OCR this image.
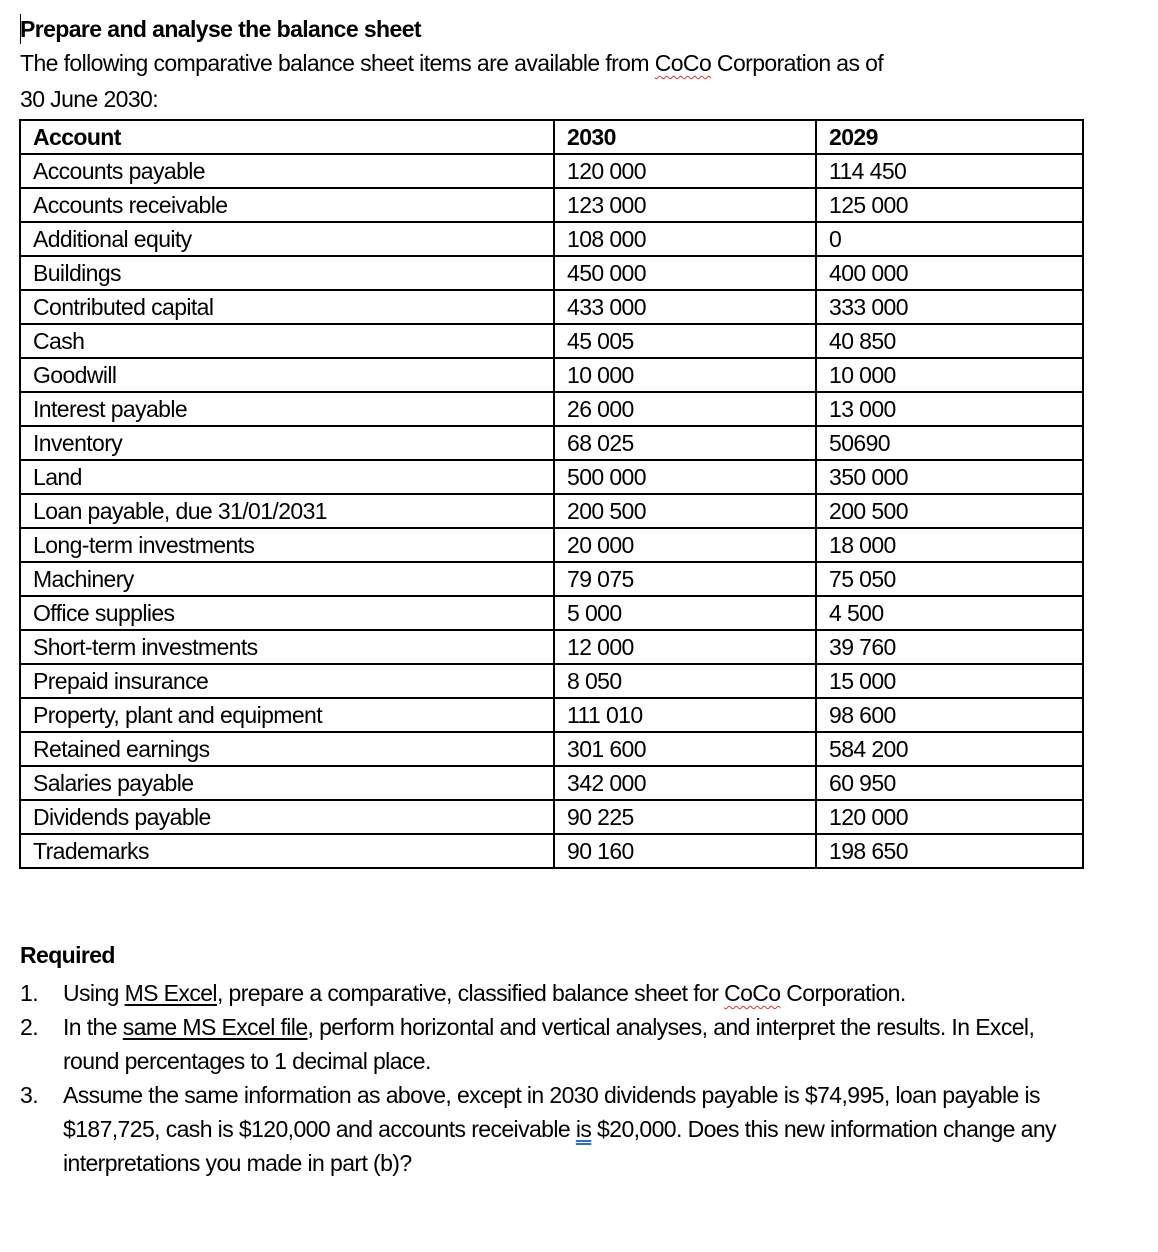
Prepare and analyse the balance sheet
The following comparative balance sheet items are available from CoCo Corporation as of
30 June 2030:
Account	2030	2029
Accounts payable	120 000	114 450
Accounts receivable	123 000	125 000
Additional equity	108 000	0
Buildings	450 000	400 000
Contributed capital	433 000	333 000
Cash	45 005	40 850
Goodwill	10 000	10 000
Interest payable	26 000	13 000
Inventory	68 025	50690
Land	500 000	350 000
Loan payable, due 31/01/2031	200 500	200 500
Long-term investments	20 000	18 000
Machinery	79 075	75 050
Office supplies	5 000	4 500
Short-term investments	12 000	39 760
Prepaid insurance	8 050	15 000
Property, plant and equipment	111 010	98 600
Retained earnings	301 600	584 200
Salaries payable	342 000	60 950
Dividends payable	90 225	120 000
Trademarks	90 160	198 650
Required
1. Using MS Excel, prepare a comparative, classified balance sheet for CoCo Corporation.
2. In the same MS Excel file, perform horizontal and vertical analyses, and interpret the results. In Excel, round percentages to 1 decimal place.
3. Assume the same information as above, except in 2030 dividends payable is $74,995, loan payable is $187,725, cash is $120,000 and accounts receivable is $20,000. Does this new information change any interpretations you made in part (b)?
